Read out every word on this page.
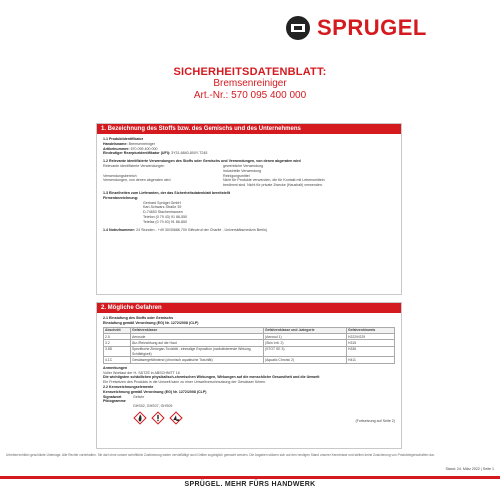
SPRUGEL
SICHERHEITSDATENBLATT:
Bremsenreiniger
Art.-Nr.: 570 095 400 000
1. Bezeichnung des Stoffs bzw. des Gemischs und des Unternehmens
1.1 Produktidentifikator
Handelsname: Bremsenreiniger
Artikelnummer: 570 095 400 000
Eindeutiger Rezepturidentifikator (UFI): 3Y31-6840-800Y-T245
1.2 Relevante identifizierte Verwendungen des Stoffs oder Gemischs und Verwendungen, von denen abgeraten wird
Relevante identifizierte Verwendungen	gewerbliche Verwendung
industrielle Verwendung
Verwendungsbereich	Reinigungsmittel
Verwendungen, von denen abgeraten wird	Nicht für Produkte verwenden, die für Kontakt mit Lebensmitteln
bestimmt sind. Nicht für private Zwecke (Haushalt) verwenden.
1.3 Einzelheiten zum Lieferanten, der das Sicherheitsdatenblatt bereitstellt
Firmenbezeichnung:
Gerhard Sprügel GmbH
Karl-Schwarz-Straße 39
D-74653 Stachenhausen
Telefon (0 79 43) 91 86-550
Telefax (0 79 40) 91 86-850
1.4 Notrufnummer: 24 Stunden - +49 30/30686 700 Giftnotruf der Charité - Universitätsmedizin Berlin)
2. Mögliche Gefahren
2.1 Einstufung des Stoffs oder Gemischs
Einstufung gemäß Verordnung (EG) Nr. 1272/2008 (CLP)
Abschnitt	Gefahrenklasse	Gefahrenklasse und -kategorie	Gefahrenhinweis
2.5	Aerosole	(Aerosol 1)	H222/H229
3.2	Ätz-/Reizwirkung auf die Haut	(Skin Irrit. 2)	H315
3.8D	Spezifische Zielorgan-Toxizität - einmalige Exposition (narkotisierende Wirkung, Schläfrigkeit)	(STOT SE 3)	H336
4.1C	Gewässergefährdend (chronisch aquatische Toxizität)	(Aquatic Chronic 2)	H411
Anmerkungen
Voller Wortlaut der H- SÄTZE in ABSCHNITT 16
Die wichtigsten schädlichen physikalisch-chemischen Wirkungen, Wirkungen auf die menschliche Gesundheit und die Umwelt
Ein Freisetzen des Produkts in die Umwelt kann zu einer Umweltverschmutzung der Gewässer führen.
2.2 Kennzeichnungselemente
Kennzeichnung gemäß Verordnung (EG) Nr. 1272/2008 (CLP)
Signalwort	Gefahr
Piktogramme
GHS02, GHS07, GHS09
(Fortsetzung auf Seite 2)
Urheberrechtlich geschützte Unterlage. Alle Rechte vorbehalten. Sie darf ohne unsere schriftliche Zustimmung weder vervielfältigt noch Dritten zugänglich gemacht werden. Die Angaben stützen sich auf den heutigen Stand unserer Kenntnisse und stellen keine Zusicherung von Produkteigenschaften dar.
Stand: 24. März 2022 | Seite 1
SPRÜGEL. MEHR FÜRS HANDWERK
